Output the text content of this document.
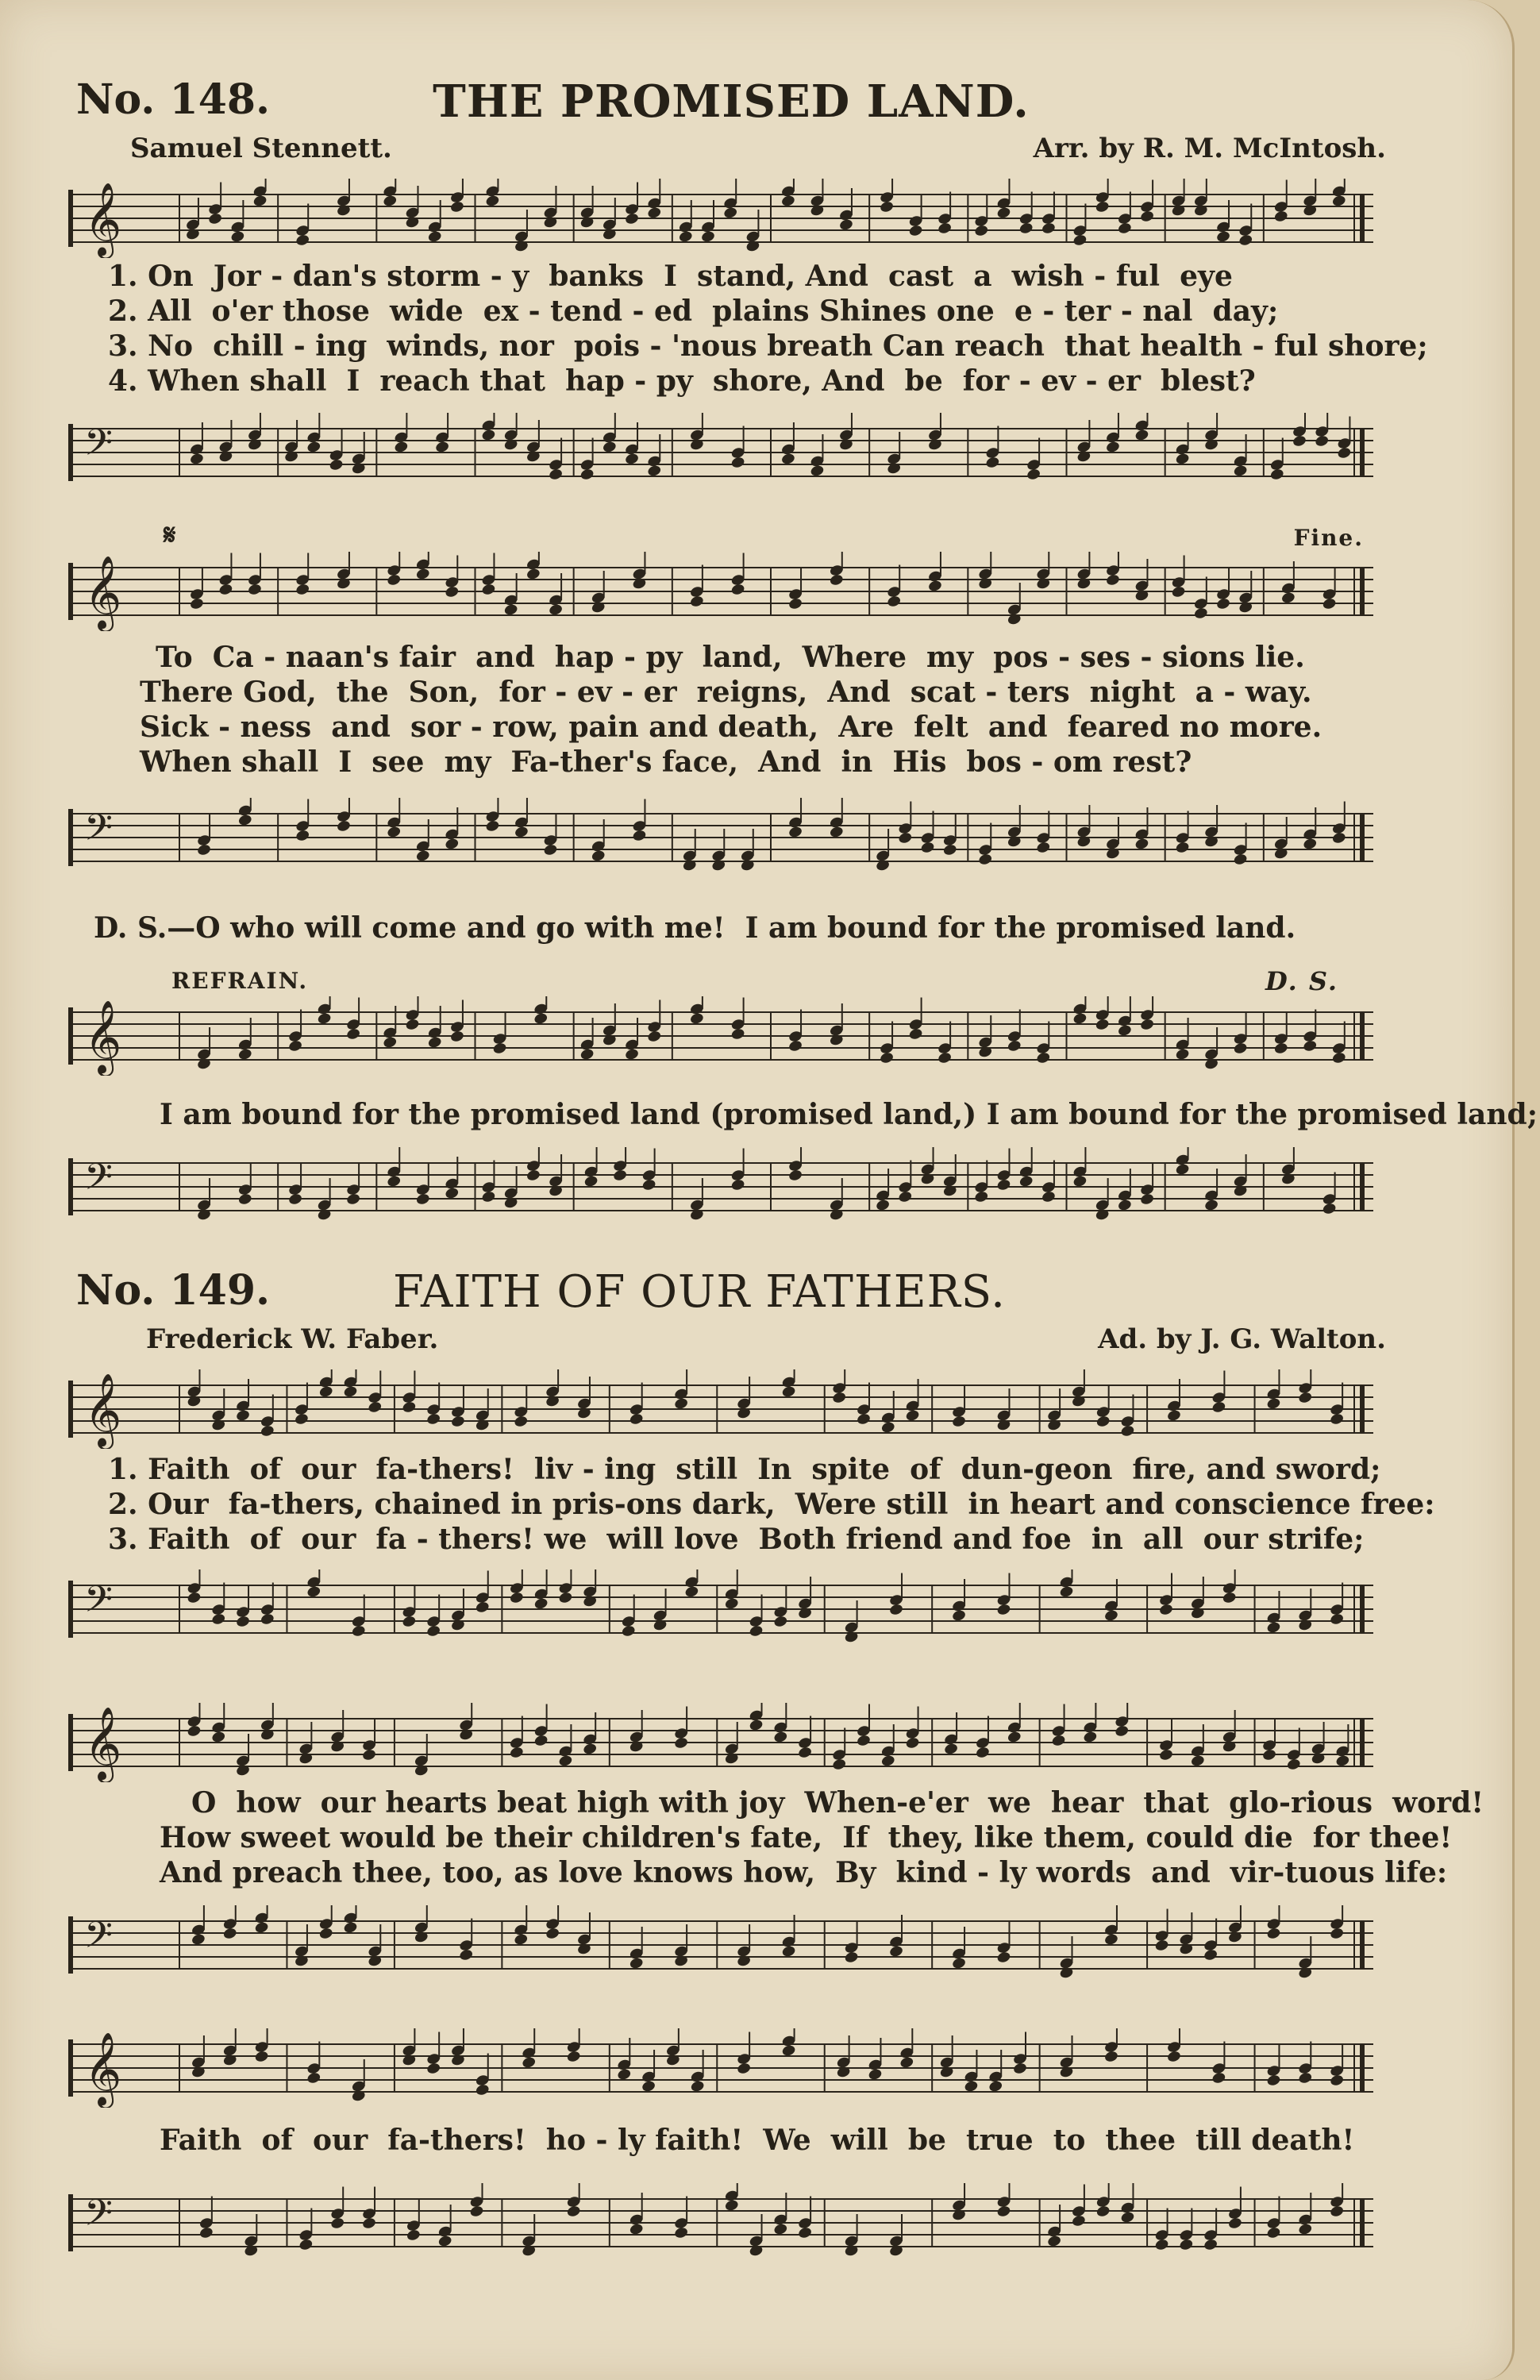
No. 148.	THE PROMISED LAND.
Samuel Stennett.	Arr. by R. M. McIntosh.
𝄞
1. On  Jor - dan's storm - y  banks  I  stand, And  cast  a  wish - ful  eye
2. All  o'er those  wide  ex - tend - ed  plains Shines one  e - ter - nal  day;
3. No  chill - ing  winds, nor  pois - 'nous breath Can reach  that health - ful shore;
4. When shall  I  reach that  hap - py  shore, And  be  for - ev - er  blest?
𝄢
𝄋	Fine.
𝄞
To  Ca - naan's fair  and  hap - py  land,  Where  my  pos - ses - sions lie.
There God,  the  Son,  for - ev - er  reigns,  And  scat - ters  night  a - way.
Sick - ness  and  sor - row, pain and death,  Are  felt  and  feared no more.
When shall  I  see  my  Fa-ther's face,  And  in  His  bos - om rest?
𝄢
D. S.—O who will come and go with me!  I am bound for the promised land.
REFRAIN.	D. S.
𝄞
I am bound for the promised land (promised land,) I am bound for the promised land;
𝄢
No. 149.	FAITH OF OUR FATHERS.
Frederick W. Faber.	Ad. by J. G. Walton.
𝄞
1. Faith  of  our  fa-thers!  liv - ing  still  In  spite  of  dun-geon  fire, and sword;
2. Our  fa-thers, chained in pris-ons dark,  Were still  in heart and conscience free:
3. Faith  of  our  fa - thers! we  will love  Both friend and foe  in  all  our strife;
𝄢
𝄞
O  how  our hearts beat high with joy  When-e'er  we  hear  that  glo-rious  word!
How sweet would be their children's fate,  If  they, like them, could die  for thee!
And preach thee, too, as love knows how,  By  kind - ly words  and  vir-tuous life:
𝄢
𝄞
Faith  of  our  fa-thers!  ho - ly faith!  We  will  be  true  to  thee  till death!
𝄢
